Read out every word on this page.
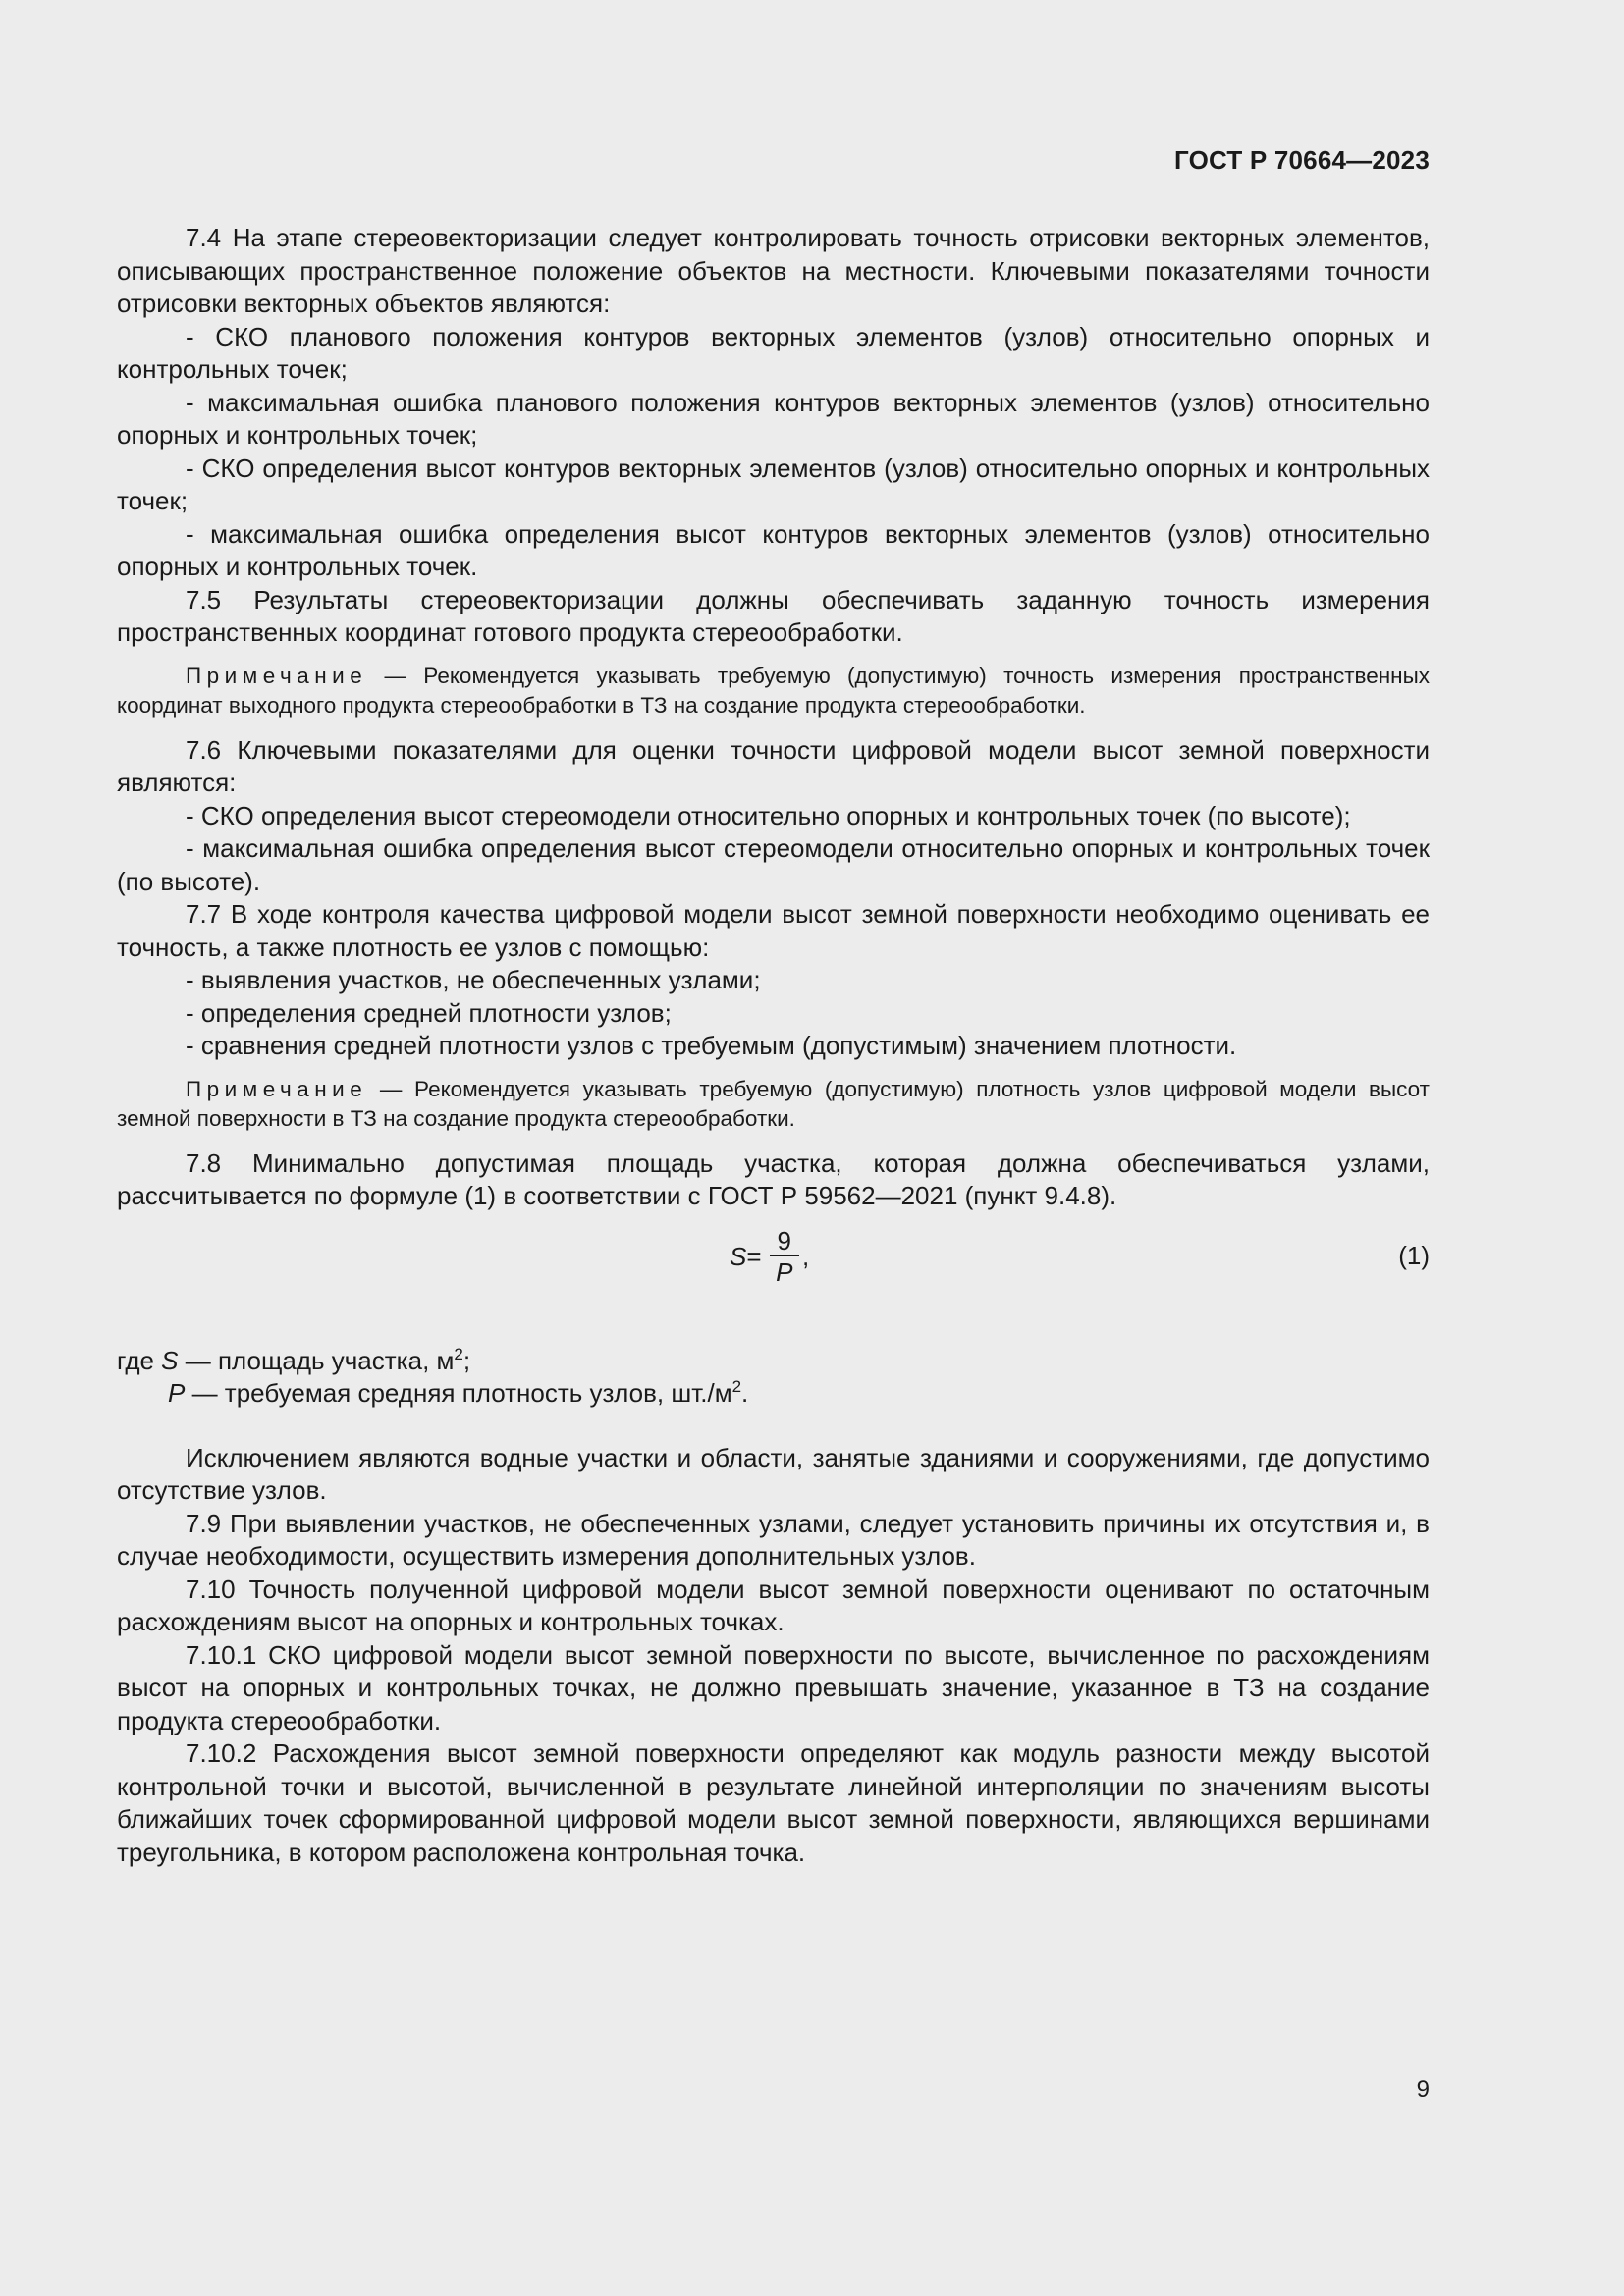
ГОСТ Р 70664—2023

7.4 На этапе стереовекторизации следует контролировать точность отрисовки векторных элементов, описывающих пространственное положение объектов на местности. Ключевыми показателями точности отрисовки векторных объектов являются:

- СКО планового положения контуров векторных элементов (узлов) относительно опорных и контрольных точек;

- максимальная ошибка планового положения контуров векторных элементов (узлов) относительно опорных и контрольных точек;

- СКО определения высот контуров векторных элементов (узлов) относительно опорных и контрольных точек;

- максимальная ошибка определения высот контуров векторных элементов (узлов) относительно опорных и контрольных точек.

7.5 Результаты стереовекторизации должны обеспечивать заданную точность измерения пространственных координат готового продукта стереообработки.

Примечание — Рекомендуется указывать требуемую (допустимую) точность измерения пространственных координат выходного продукта стереообработки в ТЗ на создание продукта стереообработки.

7.6 Ключевыми показателями для оценки точности цифровой модели высот земной поверхности являются:

- СКО определения высот стереомодели относительно опорных и контрольных точек (по высоте);

- максимальная ошибка определения высот стереомодели относительно опорных и контрольных точек (по высоте).

7.7 В ходе контроля качества цифровой модели высот земной поверхности необходимо оценивать ее точность, а также плотность ее узлов с помощью:

- выявления участков, не обеспеченных узлами;

- определения средней плотности узлов;

- сравнения средней плотности узлов с требуемым (допустимым) значением плотности.

Примечание — Рекомендуется указывать требуемую (допустимую) плотность узлов цифровой модели высот земной поверхности в ТЗ на создание продукта стереообработки.

7.8 Минимально допустимая площадь участка, которая должна обеспечиваться узлами, рассчитывается по формуле (1) в соответствии с ГОСТ Р 59562—2021 (пункт 9.4.8).

$S = \frac{9}{P}$ ,	(1)

где S — площадь участка, $м^2$;

P — требуемая средняя плотность узлов, $шт./м^2$.

Исключением являются водные участки и области, занятые зданиями и сооружениями, где допустимо отсутствие узлов.

7.9 При выявлении участков, не обеспеченных узлами, следует установить причины их отсутствия и, в случае необходимости, осуществить измерения дополнительных узлов.

7.10 Точность полученной цифровой модели высот земной поверхности оценивают по остаточным расхождениям высот на опорных и контрольных точках.

7.10.1 СКО цифровой модели высот земной поверхности по высоте, вычисленное по расхождениям высот на опорных и контрольных точках, не должно превышать значение, указанное в ТЗ на создание продукта стереообработки.

7.10.2 Расхождения высот земной поверхности определяют как модуль разности между высотой контрольной точки и высотой, вычисленной в результате линейной интерполяции по значениям высоты ближайших точек сформированной цифровой модели высот земной поверхности, являющихся вершинами треугольника, в котором расположена контрольная точка.

9
